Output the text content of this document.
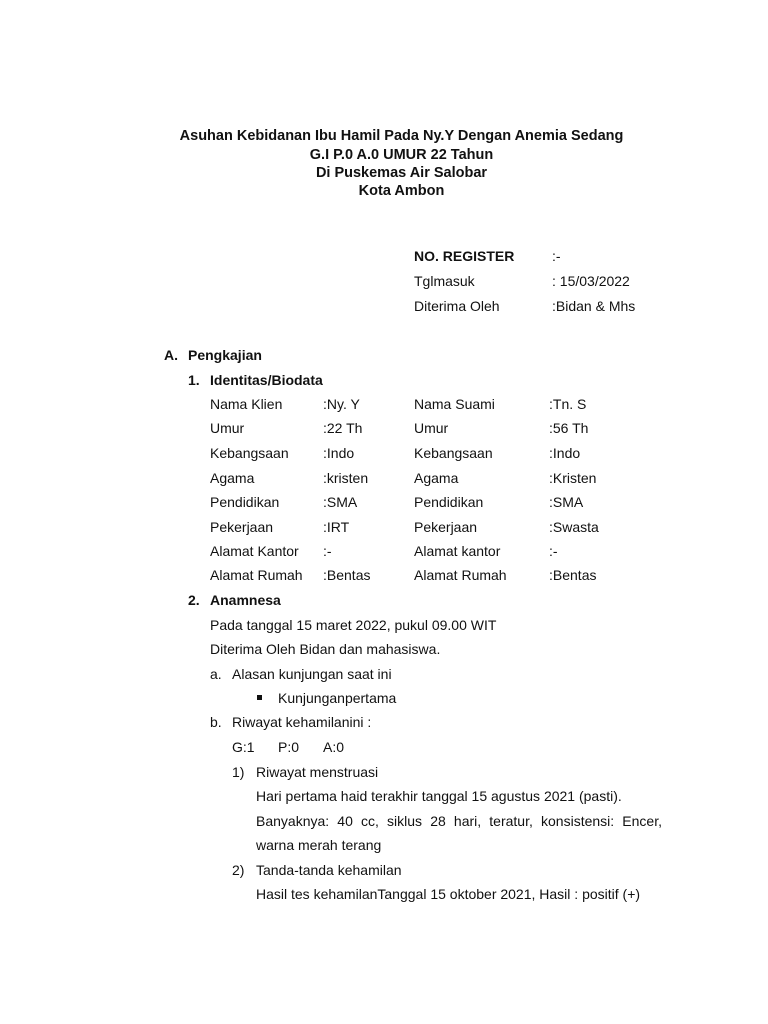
Asuhan Kebidanan Ibu Hamil Pada Ny.Y Dengan Anemia Sedang
G.I P.0 A.0 UMUR 22 Tahun
Di Puskemas Air Salobar
Kota Ambon
NO. REGISTER	:-
Tglmasuk	: 15/03/2022
Diterima Oleh	:Bidan & Mhs
A. Pengkajian
1. Identitas/Biodata
Nama Klien	:Ny. Y	Nama Suami	:Tn. S
Umur	:22 Th	Umur	:56 Th
Kebangsaan :Indo	Kebangsaan	:Indo
Agama	:kristen	Agama	:Kristen
Pendidikan	:SMA	Pendidikan	:SMA
Pekerjaan	:IRT	Pekerjaan	:Swasta
Alamat Kantor :-	Alamat kantor	:-
Alamat Rumah :Bentas	Alamat Rumah	:Bentas
2. Anamnesa
Pada tanggal 15 maret 2022, pukul 09.00 WIT
Diterima Oleh Bidan dan mahasiswa.
a. Alasan kunjungan saat ini
Kunjunganpertama
b. Riwayat kehamilanini :
G:1 P:0 A:0
1) Riwayat menstruasi
Hari pertama haid terakhir tanggal 15 agustus 2021 (pasti).
Banyaknya: 40 cc, siklus 28 hari, teratur, konsistensi: Encer,
warna merah terang
2) Tanda-tanda kehamilan
Hasil tes kehamilanTanggal 15 oktober 2021, Hasil : positif (+)
